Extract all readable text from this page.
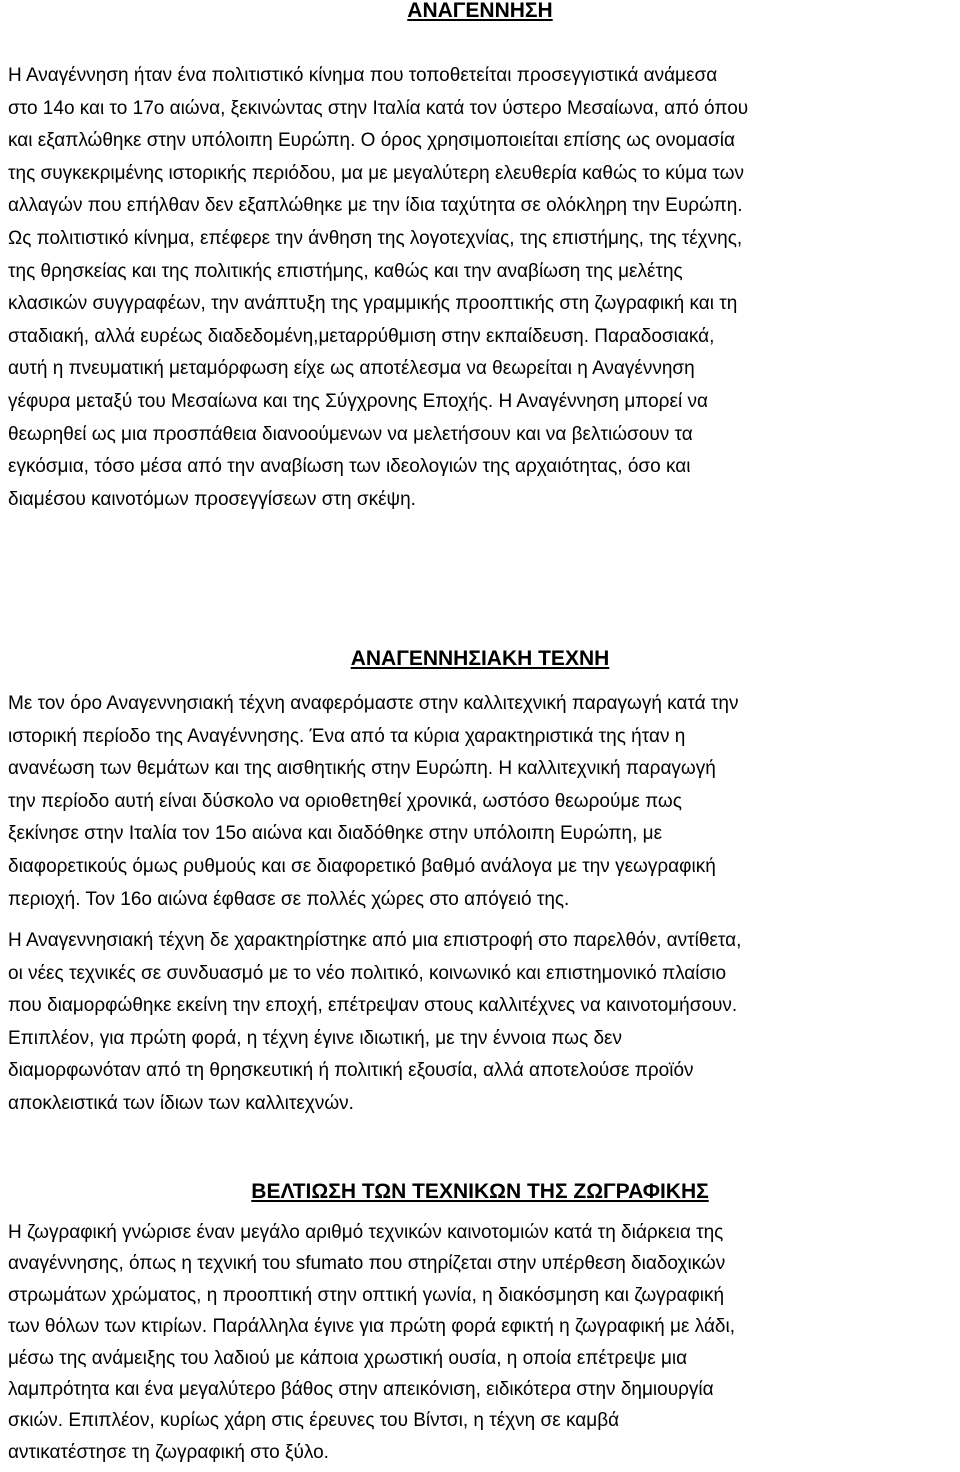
ΑΝΑΓΕΝΝΗΣΗ
Η Αναγέννηση ήταν ένα πολιτιστικό κίνημα που τοποθετείται προσεγγιστικά ανάμεσα
στο 14ο και το 17ο αιώνα, ξεκινώντας στην Ιταλία κατά τον ύστερο Μεσαίωνα, από όπου
και εξαπλώθηκε στην υπόλοιπη Ευρώπη. Ο όρος χρησιμοποιείται επίσης ως ονομασία
της συγκεκριμένης ιστορικής περιόδου, μα με μεγαλύτερη ελευθερία καθώς το κύμα των
αλλαγών που επήλθαν δεν εξαπλώθηκε με την ίδια ταχύτητα σε ολόκληρη την Ευρώπη.
Ως πολιτιστικό κίνημα, επέφερε την άνθηση της λογοτεχνίας, της επιστήμης, της τέχνης,
της θρησκείας και της πολιτικής επιστήμης, καθώς και την αναβίωση της μελέτης
κλασικών συγγραφέων, την ανάπτυξη της γραμμικής προοπτικής στη ζωγραφική και τη
σταδιακή, αλλά ευρέως διαδεδομένη,μεταρρύθμιση στην εκπαίδευση. Παραδοσιακά,
αυτή η πνευματική μεταμόρφωση είχε ως αποτέλεσμα να θεωρείται η Αναγέννηση
γέφυρα μεταξύ του Μεσαίωνα και της Σύγχρονης Εποχής. Η Αναγέννηση μπορεί να
θεωρηθεί ως μια προσπάθεια διανοούμενων να μελετήσουν και να βελτιώσουν τα
εγκόσμια, τόσο μέσα από την αναβίωση των ιδεολογιών της αρχαιότητας, όσο και
διαμέσου καινοτόμων προσεγγίσεων στη σκέψη.
ΑΝΑΓΕΝΝΗΣΙΑΚΗ ΤΕΧΝΗ
Με τον όρο Αναγεννησιακή τέχνη αναφερόμαστε στην καλλιτεχνική παραγωγή κατά την
ιστορική περίοδο της Αναγέννησης. Ένα από τα κύρια χαρακτηριστικά της ήταν η
ανανέωση των θεμάτων και της αισθητικής στην Ευρώπη. Η καλλιτεχνική παραγωγή
την περίοδο αυτή είναι δύσκολο να οριοθετηθεί χρονικά, ωστόσο θεωρούμε πως
ξεκίνησε στην Ιταλία τον 15ο αιώνα και διαδόθηκε στην υπόλοιπη Ευρώπη, με
διαφορετικούς όμως ρυθμούς και σε διαφορετικό βαθμό ανάλογα με την γεωγραφική
περιοχή. Τον 16ο αιώνα έφθασε σε πολλές χώρες στο απόγειό της.
Η Αναγεννησιακή τέχνη δε χαρακτηρίστηκε από μια επιστροφή στο παρελθόν, αντίθετα,
οι νέες τεχνικές σε συνδυασμό με το νέο πολιτικό, κοινωνικό και επιστημονικό πλαίσιο
που διαμορφώθηκε εκείνη την εποχή, επέτρεψαν στους καλλιτέχνες να καινοτομήσουν.
Επιπλέον, για πρώτη φορά, η τέχνη έγινε ιδιωτική, με την έννοια πως δεν
διαμορφωνόταν από τη θρησκευτική ή πολιτική εξουσία, αλλά αποτελούσε προϊόν
αποκλειστικά των ίδιων των καλλιτεχνών.
ΒΕΛΤΙΩΣΗ ΤΩΝ ΤΕΧΝΙΚΩΝ ΤΗΣ ΖΩΓΡΑΦΙΚΗΣ
Η ζωγραφική γνώρισε έναν μεγάλο αριθμό τεχνικών καινοτομιών κατά τη διάρκεια της
αναγέννησης, όπως η τεχνική του sfumato που στηρίζεται στην υπέρθεση διαδοχικών
στρωμάτων χρώματος, η προοπτική στην οπτική γωνία, η διακόσμηση και ζωγραφική
των θόλων των κτιρίων. Παράλληλα έγινε για πρώτη φορά εφικτή η ζωγραφική με λάδι,
μέσω της ανάμειξης του λαδιού με κάποια χρωστική ουσία, η οποία επέτρεψε μια
λαμπρότητα και ένα μεγαλύτερο βάθος στην απεικόνιση, ειδικότερα στην δημιουργία
σκιών. Επιπλέον, κυρίως χάρη στις έρευνες του Βίντσι, η τέχνη σε καμβά
αντικατέστησε τη ζωγραφική στο ξύλο.
